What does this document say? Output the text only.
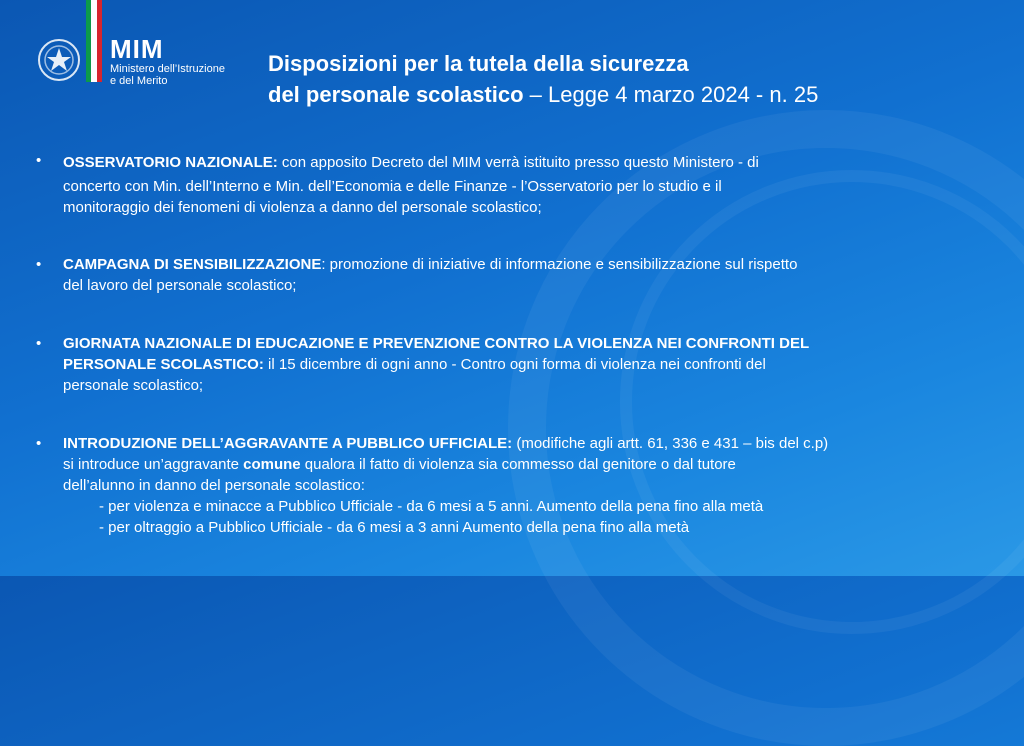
MIM
Ministero dell’Istruzione
e del Merito
Disposizioni per la tutela della sicurezza
del personale scolastico – Legge 4 marzo 2024 - n. 25
• OSSERVATORIO NAZIONALE: con apposito Decreto del MIM verrà istituito presso questo Ministero - di
concerto con Min. dell’Interno e Min. dell’Economia e delle Finanze - l’Osservatorio per lo studio e il
monitoraggio dei fenomeni di violenza a danno del personale scolastico;
• CAMPAGNA DI SENSIBILIZZAZIONE: promozione di iniziative di informazione e sensibilizzazione sul rispetto
del lavoro del personale scolastico;
• GIORNATA NAZIONALE DI EDUCAZIONE E PREVENZIONE CONTRO LA VIOLENZA NEI CONFRONTI DEL
PERSONALE SCOLASTICO: il 15 dicembre di ogni anno - Contro ogni forma di violenza nei confronti del
personale scolastico;
• INTRODUZIONE DELL’AGGRAVANTE A PUBBLICO UFFICIALE: (modifiche agli artt. 61, 336 e 431 – bis del c.p)
si introduce un’aggravante comune qualora il fatto di violenza sia commesso dal genitore o dal tutore
dell’alunno in danno del personale scolastico:
- per violenza e minacce a Pubblico Ufficiale - da 6 mesi a 5 anni. Aumento della pena fino alla metà
- per oltraggio a Pubblico Ufficiale - da 6 mesi a 3 anni Aumento della pena fino alla metà
